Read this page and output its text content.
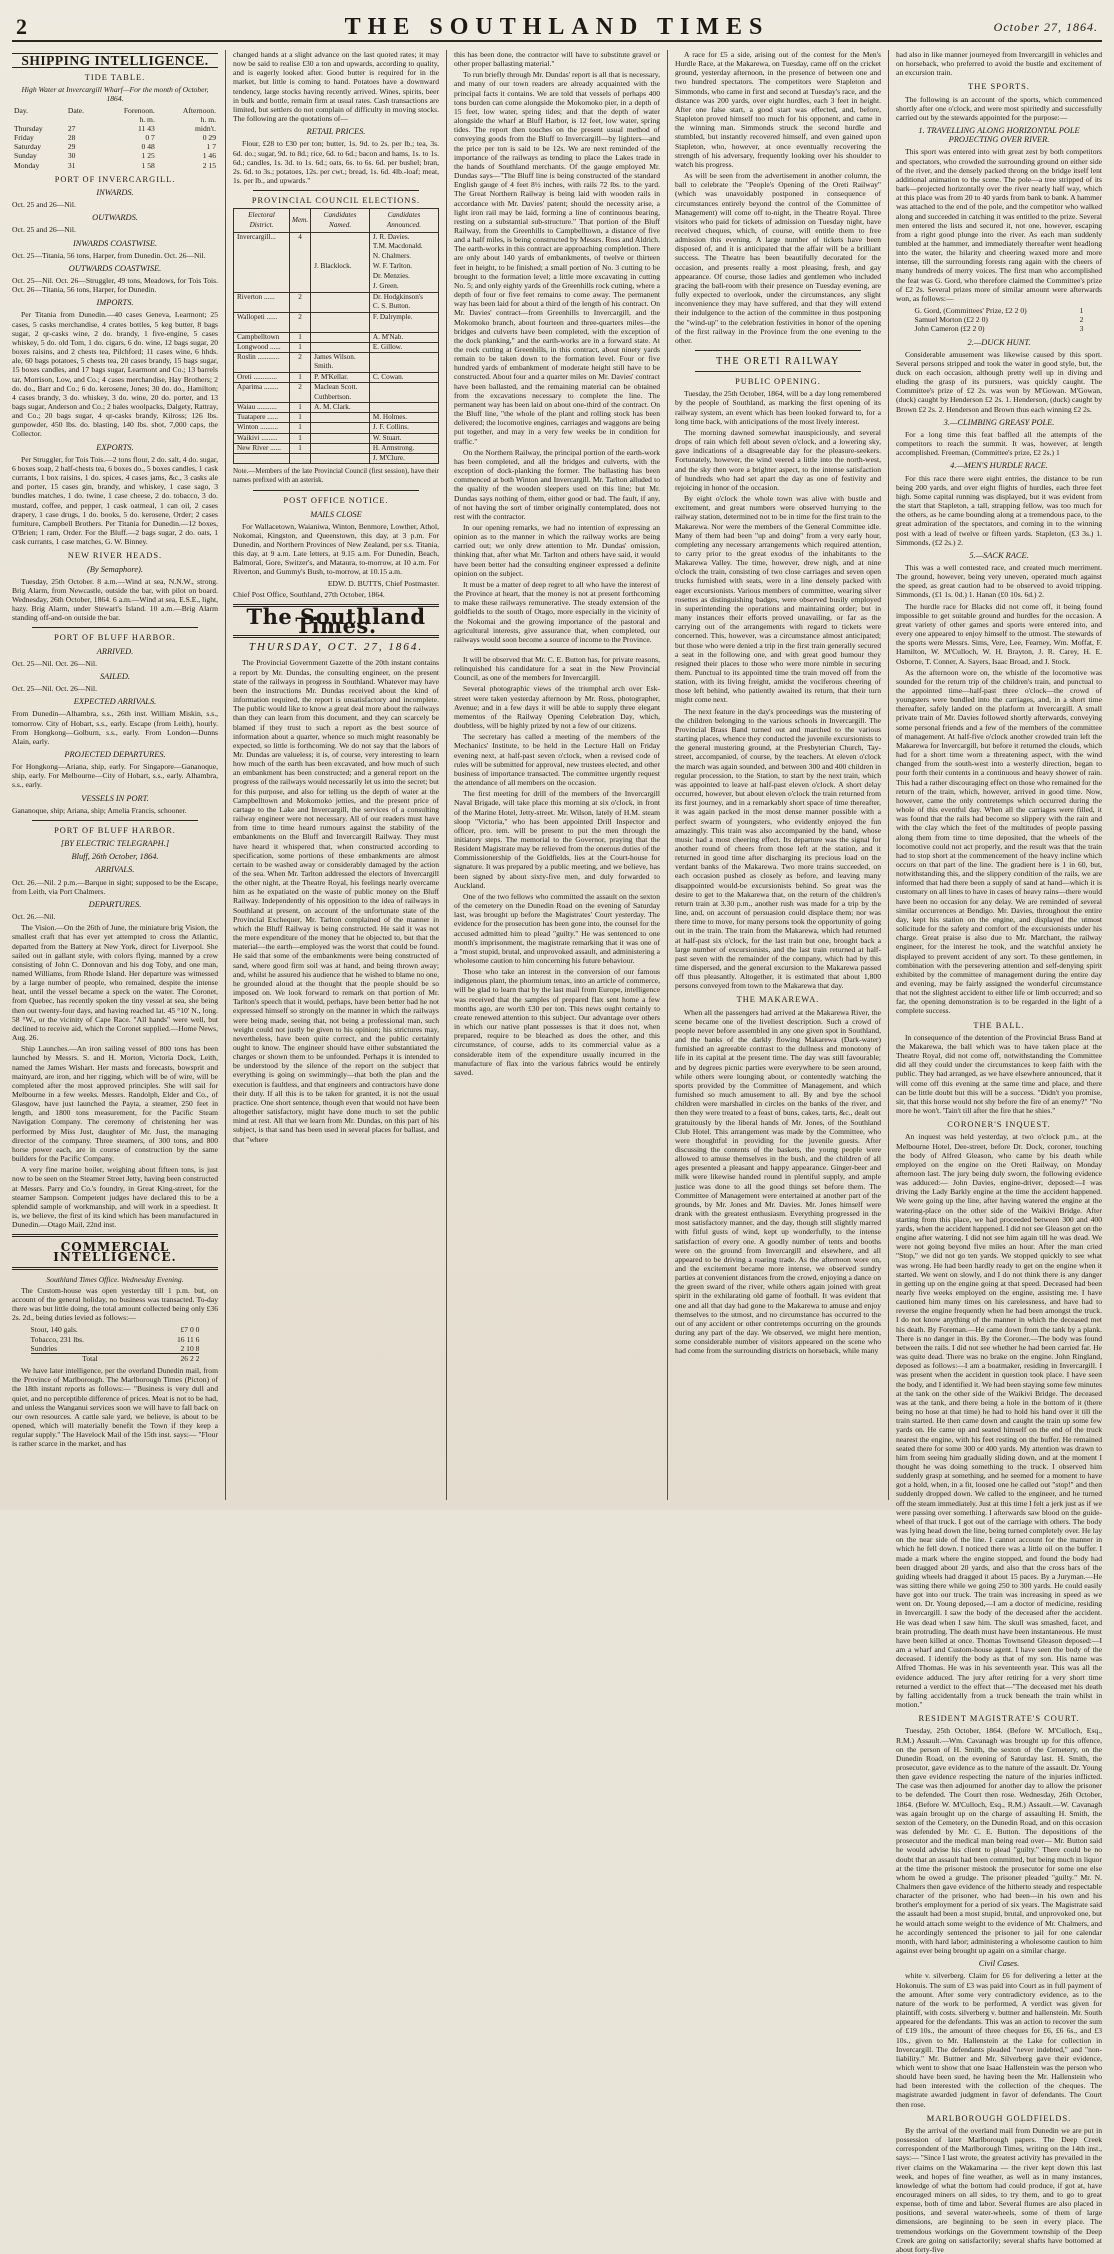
2	THE SOUTHLAND TIMES	October 27, 1864.
SHIPPING INTELLIGENCE.
TIDE TABLE.

High Water at Invercargill Wharf—For the month of October, 1864.

Day.	Date.	Forenoon.	Afternoon.
		h. m.	h. m.
Thursday	27	11 43	midn't.
Friday	28	0 7	0 29
Saturday	29	0 48	1 7
Sunday	30	1 25	1 46
Monday	31	1 58	2 15
PORT OF INVERCARGILL.
INWARDS.

Oct. 25 and 26—Nil.

OUTWARDS.

Oct. 25 and 26—Nil.

INWARDS COASTWISE.

Oct. 25—Titania, 56 tons, Harper, from Dunedin. Oct. 26—Nil.

OUTWARDS COASTWISE.

Oct. 25—Nil. Oct. 26—Struggler, 49 tons, Meadows, for Tois Tois. Oct. 26—Titania, 56 tons, Harper, for Dunedin.

IMPORTS.

Per Titania from Dunedin.—40 cases Geneva, Learmont; 25 cases, 5 casks merchandise, 4 crates bottles, 5 keg butter, 8 bags sugar, 2 qr-casks wine, 2 do. brandy, 1 five-engine, 5 cases whiskey, 5 do. old Tom, 1 do. cigars, 6 do. wine, 12 bags sugar, 20 boxes raisins, and 2 chests tea, Pilchford; 11 cases wine, 6 hhds. ale, 60 bags potatoes, 5 chests tea, 20 cases brandy, 15 bags sugar, 15 boxes candles, and 17 bags sugar, Learmont and Co.; 13 barrels tar, Morrison, Low, and Co.; 4 cases merchandise, Hay Brothers; 2 do. do., Barr and Co.; 6 do. kerosene, Jones; 30 do. do., Hamilton; 4 cases brandy, 3 do. whiskey, 3 do. wine, 20 do. porter, and 13 bags sugar, Anderson and Co.; 2 bales woolpacks, Dalgety, Rattray, and Co.; 20 bags sugar, 4 qr-casks brandy, Kilross; 126 lbs. gunpowder, 450 lbs. do. blasting, 140 lbs. shot, 7,000 caps, the Collector.

EXPORTS.

Per Struggler, for Tois Tois.—2 tons flour, 2 do. salt, 4 do. sugar, 6 boxes soap, 2 half-chests tea, 6 boxes do., 5 boxes candles, 1 cask currants, 1 box raisins, 1 do. spices, 4 cases jams, &c., 3 casks ale and porter, 15 cases gin, brandy, and whiskey, 1 case sago, 3 bundles matches, 1 do. twine, 1 case cheese, 2 do. tobacco, 3 do. mustard, coffee, and pepper, 1 cask oatmeal, 1 can oil, 2 cases drapery, 1 case drugs, 1 do. books, 5 do. kerosene, Order; 2 cases furniture, Campbell Brothers. Per Titania for Dunedin.—12 boxes, O'Brien; 1 ram, Order. For the Bluff.—2 bags sugar, 2 do. oats, 1 cask currants, 1 case matches, G. W. Binney.

NEW RIVER HEADS.
(By Semaphore).

Tuesday, 25th October. 8 a.m.—Wind at sea, N.N.W., strong. Brig Alarm, from Newcastle, outside the bar, with pilot on board. Wednesday, 26th October, 1864. 6 a.m.—Wind at sea, E.S.E., light, hazy. Brig Alarm, under Stewart's Island. 10 a.m.—Brig Alarm standing off-and-on outside the bar.

PORT OF BLUFF HARBOR.
ARRIVED.

Oct. 25—Nil. Oct. 26—Nil.

SAILED.

Oct. 25—Nil. Oct. 26—Nil.

EXPECTED ARRIVALS.

From Dunedin—Alhambra, s.s., 26th inst. William Miskin, s.s., tomorrow. City of Hobart, s.s., early. Escape (from Leith), hourly. From Hongkong—Golburn, s.s., early. From London—Dunns Alain, early.

PROJECTED DEPARTURES.

For Hongkong—Ariana, ship, early. For Singapore—Gananoque, ship, early. For Melbourne—City of Hobart, s.s., early. Alhambra, s.s., early.

VESSELS IN PORT.

Gananoque, ship; Ariana, ship; Amelia Francis, schooner.

PORT OF BLUFF HARBOR.
[BY ELECTRIC TELEGRAPH.]
Bluff, 26th October, 1864.
ARRIVALS.

Oct. 26.—Nil. 2 p.m.—Barque in sight; supposed to be the Escape, from Leith, via Port Chalmers.

DEPARTURES.

Oct. 26.—Nil.

The Vision.—On the 26th of June, the miniature brig Vision, the smallest craft that has ever yet attempted to cross the Atlantic, departed from the Battery at New York, direct for Liverpool. She sailed out in gallant style, with colors flying, manned by a crew consisting of John C. Donnovan and his dog Toby, and one man, named Williams, from Rhode Island. Her departure was witnessed by a large number of people, who remained, despite the intense heat, until the vessel became a speck on the water. The Coronet, from Quebec, has recently spoken the tiny vessel at sea, she being then out twenty-four days, and having reached lat. 45 °10' N., long. 58 °W., or the vicinity of Cape Race. "All hands" were well, but declined to receive aid, which the Coronet supplied.—Home News, Aug. 26.

Ship Launches.—An iron sailing vessel of 800 tons has been launched by Messrs. S. and H. Morton, Victoria Dock, Leith, named the James Wishart. Her masts and forecasts, bowsprit and mainyard, are iron, and her rigging, which will be of wire, will be completed after the most approved principles. She will sail for Melbourne in a few weeks. Messrs. Randolph, Elder and Co., of Glasgow, have just launched the Payta, a steamer, 250 feet in length, and 1800 tons measurement, for the Pacific Steam Navigation Company. The ceremony of christening her was performed by Miss Just, daughter of Mr. Just, the managing director of the company. Three steamers, of 300 tons, and 800 horse power each, are in course of construction by the same builders for the Pacific Company.

A very fine marine boiler, weighing about fifteen tons, is just now to be seen on the Steamer Street Jetty, having been constructed at Messrs. Parry and Co.'s foundry, in Great King-street, for the steamer Sampson. Competent judges have declared this to be a splendid sample of workmanship, and will work in a speediest. It is, we believe, the first of its kind which has been manufactured in Dunedin.—Otago Mail, 22nd inst.

COMMERCIAL INTELLIGENCE.

Southland Times Office. Wednesday Evening.

The Custom-house was open yesterday till 1 p.m. but, on account of the general holiday, no business was transacted. To-day there was but little doing, the total amount collected being only £36 2s. 2d., being duties levied as follows:—

Stout, 140 gals.	£7 0 0
Tobacco, 231 lbs.	16 11 6
Sundries	2 10 8
Total	26 2 2

We have later intelligence, per the overland Dunedin mail, from the Province of Marlborough. The Marlborough Times (Picton) of the 18th instant reports as follows:— "Business is very dull and quiet, and no perceptible difference of prices. Meat is not to be had, and unless the Wanganui services soon we will have to fall back on our own resources. A cattle sale yard, we believe, is about to be opened, which will materially benefit the Town if they keep a regular supply." The Havelock Mail of the 15th inst. says:— "Flour is rather scarce in the market, and has

changed hands at a slight advance on the last quoted rates; it may now be said to realise £30 a ton and upwards, according to quality, and is eagerly looked after. Good butter is required for in the market, but little is coming to hand. Potatoes have a downward tendency, large stocks having recently arrived. Wines, spirits, beer in bulk and bottle, remain firm at usual rates. Cash transactions are limited, but settlers do not complain of difficulty in moving stocks. The following are the quotations of—

RETAIL PRICES.

Flour, £28 to £30 per ton; butter, 1s. 9d. to 2s. per lb.; tea, 3s. 6d. do.; sugar, 9d. to 8d.; rice, 6d. to 6d.; bacon and hams, 1s. to 1s. 6d.; candles, 1s. 3d. to 1s. 6d.; oats, 6s. to 6s. 6d. per bushel; bran, 2s. 6d. to 3s.; potatoes, 12s. per cwt.; bread, 1s. 6d. 4lb.-loaf; meat, 1s. per lb., and upwards."

PROVINCIAL COUNCIL ELECTIONS.
Electoral District.	Mem.	Candidates Named.	Candidates Announced.
Invercargill...	4		J. R. Davies.
			T.M. Macdonald.
			N. Chalmers.
		J. Blacklock.	W. F. Tarlton.
			Dr. Menzies.
			J. Green.
Riverton ......	2		Dr. Hodgkinson's
			C. S. Button.
Wallopeti ......	2		F. Dalrymple.

Campbelltown	1		A. M'Nab.
Longwood ......	1		E. Gillow.
Roslin ............	2	James Wilson.	
		Smith.	
Oreti .............	1	P. M'Kellar.	C. Cowan.
Aparima ........	2	Maclean Scott.	
		Cuthbertson.	
Waiau ...........	1	A. M. Clark.	
Tuatapere ......	1		M. Holmes.
Winton ..........	1		J. F. Collins.
Waikivi .........	1		W. Stuart.
New River ......	1		H. Armstrong.
			J. M'Clure.

Note.—Members of the late Provincial Council (first session), have their names prefixed with an asterisk.

POST OFFICE NOTICE.
MAILS CLOSE

For Wallacetown, Waianiwa, Winton, Benmore, Lowther, Athol, Nokomai, Kingston, and Queenstown, this day, at 3 p.m. For Dunedin, and Northern Provinces of New Zealand, per s.s. Titania, this day, at 9 a.m. Late letters, at 9.15 a.m. For Dunedin, Beach, Balmoral, Gore, Switzer's, and Mataura, to-morrow, at 10 a.m. For Riverton, and Gummy's Bush, to-morrow, at 10.15 a.m.

EDW. D. BUTTS, Chief Postmaster.

Chief Post Office, Southland, 27th October, 1864.

The Southland Times.
THURSDAY, OCT. 27, 1864.

The Provincial Government Gazette of the 20th instant contains a report by Mr. Dundas, the consulting engineer, on the present state of the railways in progress in Southland. Whatever may have been the instructions Mr. Dundas received about the kind of information required, the report is unsatisfactory and incomplete. The public would like to know a great deal more about the railways than they can learn from this document, and they can scarcely be blamed if they trust to such a report as the best source of information about a quarter, whence so much might reasonably be expected, so little is forthcoming. We do not say that the labors of Mr. Dundas are valueless; it is, of course, very interesting to learn how much of the earth has been excavated, and how much of such an embankment has been constructed; and a general report on the progress of the railways would necessarily let us into the secret; but for this purpose, and also for telling us the depth of water at the Campbelltown and Mokomoko jetties, and the present price of cartage to the Lake and Invercargill, the services of a consulting railway engineer were not necessary. All of our readers must have from time to time heard rumours against the stability of the embankments on the Bluff and Invercargill Railway. They must have heard it whispered that, when constructed according to specification, some portions of these embankments are almost certain to be washed away or considerably damaged by the action of the sea. When Mr. Tarlton addressed the electors of Invercargill the other night, at the Theatre Royal, his feelings nearly overcame him as he expatiated on the waste of public money on the Bluff Railway. Independently of his opposition to the idea of railways in Southland at present, on account of the unfortunate state of the Provincial Exchequer, Mr. Tarlton complained of the manner in which the Bluff Railway is being constructed. He said it was not the mere expenditure of the money that he objected to, but that the material—the earth—employed was the worst that could be found. He said that some of the embankments were being constructed of sand, where good firm soil was at hand, and being thrown away; and, whilst he assured his audience that he wished to blame no one, he grounded aloud at the thought that the people should be so imposed on. We look forward to remark on that portion of Mr. Tarlton's speech that it would, perhaps, have been better had he not expressed himself so strongly on the manner in which the railways were being made, seeing that, not being a professional man, such weight could not justly be given to his opinion; his strictures may, nevertheless, have been quite correct, and the public certainly ought to know. The engineer should have either substantiated the charges or shown them to be unfounded. Perhaps it is intended to be understood by the silence of the report on the subject that everything is going on swimmingly—that both the plan and the execution is faultless, and that engineers and contractors have done their duty. If all this is to be taken for granted, it is not the usual practice. One short sentence, though even that would not have been altogether satisfactory, might have done much to set the public mind at rest. All that we learn from Mr. Dundas, on this part of his subject, is that sand has been used in several places for ballast, and that "where

this has been done, the contractor will have to substitute gravel or other proper ballasting material."

To run briefly through Mr. Dundas' report is all that is necessary, and many of our town readers are already acquainted with the principal facts it contains. We are told that vessels of perhaps 400 tons burden can come alongside the Mokomoko pier, in a depth of 15 feet, low water, spring tides; and that the depth of water alongside the wharf at Bluff Harbor, is 12 feet, low water, spring tides. The report then touches on the present usual method of conveying goods from the Bluff to Invercargill—by lighters—and the price per ton is said to be 12s. We are next reminded of the importance of the railways as tending to place the Lakes trade in the hands of Southland merchants. Of the gauge employed Mr. Dundas says—"The Bluff line is being constructed of the standard English gauge of 4 feet 8½ inches, with rails 72 lbs. to the yard. The Great Northern Railway is being laid with wooden rails in accordance with Mr. Davies' patent; should the necessity arise, a light iron rail may be laid, forming a line of continuous bearing, resting on a substantial sub-structure." That portion of the Bluff Railway, from the Greenhills to Campbelltown, a distance of five and a half miles, is being constructed by Messrs. Ross and Aldrich. The earth-works in this contract are approaching completion. There are only about 140 yards of embankments, of twelve or thirteen feet in height, to be finished; a small portion of No. 3 cutting to be brought to the formation level; a little more excavating in cutting No. 5; and only eighty yards of the Greenhills rock cutting, where a depth of four or five feet remains to come away. The permanent way has been laid for about a third of the length of his contract. On Mr. Davies' contract—from Greenhills to Invercargill, and the Mokomoko branch, about fourteen and three-quarters miles—the bridges and culverts have been completed, with the exception of the dock planking," and the earth-works are in a forward state. At the rock cutting at Greenhills, in this contract, about ninety yards remain to be taken down to the formation level. Four or five hundred yards of embankment of moderate height still have to be constructed. About four and a quarter miles on Mr. Davies' contract have been ballasted, and the remaining material can be obtained from the excavations necessary to complete the line. The permanent way has been laid on about one-third of the contract. On the Bluff line, "the whole of the plant and rolling stock has been delivered; the locomotive engines, carriages and waggons are being put together, and may in a very few weeks be in condition for traffic."

On the Northern Railway, the principal portion of the earth-work has been completed, and all the bridges and culverts, with the exception of dock-planking the former. The ballasting has been commenced at both Winton and Invercargill. Mr. Tarlton alluded to the quality of the wooden sleepers used on this line; but Mr. Dundas says nothing of them, either good or bad. The fault, if any, of not having the sort of timber originally contemplated, does not rest with the contractor.

In our opening remarks, we had no intention of expressing an opinion as to the manner in which the railway works are being carried out; we only drew attention to Mr. Dundas' omission, thinking that, after what Mr. Tarlton and others have said, it would have been better had the consulting engineer expressed a definite opinion on the subject.

It must be a matter of deep regret to all who have the interest of the Province at heart, that the money is not at present forthcoming to make these railways remunerative. The steady extension of the goldfields to the south of Otago, more especially in the vicinity of the Nokomai and the growing importance of the pastoral and agricultural interests, give assurance that, when completed, our railways would soon become a source of income to the Province.

It will be observed that Mr. C. E. Button has, for private reasons, relinquished his candidature for a seat in the New Provincial Council, as one of the members for Invercargill.

Several photographic views of the triumphal arch over Esk-street were taken yesterday afternoon by Mr. Ross, photographer, Avenue; and in a few days it will be able to supply three elegant mementos of the Railway Opening Celebration Day, which, doubtless, will be highly prized by not a few of our citizens.

The secretary has called a meeting of the members of the Mechanics' Institute, to be held in the Lecture Hall on Friday evening next, at half-past seven o'clock, when a revised code of rules will be submitted for approval, new trustees elected, and other business of importance transacted. The committee urgently request the attendance of all members on the occasion.

The first meeting for drill of the members of the Invercargill Naval Brigade, will take place this morning at six o'clock, in front of the Marine Hotel, Jetty-street. Mr. Wilson, lately of H.M. steam sloop "Victoria," who has been appointed Drill Inspector and officer, pro. tem. will be present to put the men through the initiatory steps. The memorial to the Governor, praying that the Resident Magistrate may be relieved from the onerous duties of the Commissionership of the Goldfields, lies at the Court-house for signature. It was prepared by a public meeting, and we believe, has been signed by about sixty-five men, and duly forwarded to Auckland.

One of the two fellows who committed the assault on the sexton of the cemetery on the Dunedin Road on the evening of Saturday last, was brought up before the Magistrates' Court yesterday. The evidence for the prosecution has been gone into, the counsel for the accused admitted him to plead "guilty." He was sentenced to one month's imprisonment, the magistrate remarking that it was one of a "most stupid, brutal, and unprovoked assault, and administering a wholesome caution to him concerning his future behaviour.

Those who take an interest in the conversion of our famous indigenous plant, the phormium tenax, into an article of commerce, will be glad to learn that by the last mail from Europe, intelligence was received that the samples of prepared flax sent home a few months ago, are worth £30 per ton. This news ought certainly to create renewed attention to this subject. Our advantage over others in which our native plant possesses is that it does not, when prepared, require to be bleached as does the other, and this circumstance, of course, adds to its commercial value as a considerable item of the expenditure usually incurred in the manufacture of flax into the various fabrics would be entirely saved.

A race for £5 a side, arising out of the contest for the Men's Hurdle Race, at the Makarewa, on Tuesday, came off on the cricket ground, yesterday afternoon, in the presence of between one and two hundred spectators. The competitors were Stapleton and Simmonds, who came in first and second at Tuesday's race, and the distance was 200 yards, over eight hurdles, each 3 feet in height. After one false start, a good start was effected, and, before, Stapleton proved himself too much for his opponent, and came in the winning man. Simmonds struck the second hurdle and stumbled, but instantly recovered himself, and even gained upon Stapleton, who, however, at once eventually recovering the strength of his adversary, frequently looking over his shoulder to watch his progress.

As will be seen from the advertisement in another column, the ball to celebrate the "People's Opening of the Oreti Railway" (which was unavoidably postponed in consequence of circumstances entirely beyond the control of the Committee of Management) will come off to-night, in the Theatre Royal. Three visitors who paid for tickets of admission on Tuesday night, have received cheques, which, of course, will entitle them to free admission this evening. A large number of tickets have been disposed of, and it is anticipated that the affair will be a brilliant success. The Theatre has been beautifully decorated for the occasion, and presents really a most pleasing, fresh, and gay appearance. Of course, those ladies and gentlemen who included gracing the ball-room with their presence on Tuesday evening, are fully expected to overlook, under the circumstances, any slight inconvenience they may have suffered, and that they will extend their indulgence to the action of the committee in thus postponing the "wind-up" to the celebration festivities in honor of the opening of the first railway in the Province from the one evening to the other.

THE ORETI RAILWAY
PUBLIC OPENING.

Tuesday, the 25th October, 1864, will be a day long remembered by the people of Southland, as marking the first opening of its railway system, an event which has been looked forward to, for a long time back, with anticipations of the most lively interest.

The morning dawned somewhat inauspiciously, and several drops of rain which fell about seven o'clock, and a lowering sky, gave indications of a disagreeable day for the pleasure-seekers. Fortunately, however, the wind veered a little into the north-west, and the sky then wore a brighter aspect, to the intense satisfaction of hundreds who had set apart the day as one of festivity and rejoicing in honor of the occasion.

By eight o'clock the whole town was alive with bustle and excitement, and great numbers were observed hurrying to the railway station, determined not to be in time for the first train to the Makarewa. Nor were the members of the General Committee idle. Many of them had been "up and doing" from a very early hour, completing any necessary arrangements which required attention, to carry prior to the great exodus of the inhabitants to the Makarewa Valley. The time, however, drew nigh, and at nine o'clock the train, consisting of two close carriages and seven open trucks furnished with seats, were in a line densely packed with eager excursionists. Various members of committee, wearing silver rosettes as distinguishing badges, were observed busily employed in superintending the operations and maintaining order; but in many instances their efforts proved unavailing, or far as the carrying out of the arrangements with regard to tickets were concerned. This, however, was a circumstance almost anticipated; but those who were denied a trip in the first train generally secured a seat in the following one, and with great good humour they resigned their places to those who were more nimble in securing them. Punctual to its appointed time the train moved off from the station, with its living freight, amidst the vociferous cheering of those left behind, who patiently awaited its return, that their turn might come next.

The next feature in the day's proceedings was the mustering of the children belonging to the various schools in Invercargill. The Provincial Brass Band turned out and marched to the various starting places, whence they conducted the juvenile excursionists to the general mustering ground, at the Presbyterian Church, Tay-street, accompanied, of course, by the teachers. At eleven o'clock the march was again sounded, and between 300 and 400 children in regular procession, to the Station, to start by the next train, which was appointed to leave at half-past eleven o'clock. A short delay occurred, however, but about eleven o'clock the train returned from its first journey, and in a remarkably short space of time thereafter, it was again packed in the most dense manner possible with a perfect swarm of youngsters, who evidently enjoyed the fun amazingly. This train was also accompanied by the band, whose music had a most cheering effect. Its departure was the signal for another round of cheers from those left at the station, and it returned in good time after discharging its precious load on the verdant banks of the Makarewa. Two more trains succeeded, on each occasion pushed as closely as before, and leaving many disappointed would-be excursionists behind. So great was the desire to get to the Makarewa that, on the return of the children's return train at 3.30 p.m., another rush was made for a trip by the line, and, on account of persuasion could displace them; nor was there time to move, for many persons took the opportunity of going out in the train. The train from the Makarewa, which had returned at half-past six o'clock, for the last train but one, brought back a large number of excursionists, and the last train returned at half-past seven with the remainder of the company, which had by this time dispersed, and the general excursion to the Makarewa passed off thus pleasantly. Altogether, it is estimated that about 1,800 persons conveyed from town to the Makarewa that day.

THE MAKAREWA.

When all the passengers had arrived at the Makarewa River, the scene became one of the liveliest description. Such a crowd of people never before assembled in any one given spot in Southland, and the banks of the darkly flowing Makarewa (Dark-water) furnished an agreeable contrast to the dullness and monotony of life in its capital at the present time. The day was still favourable; and by degrees picnic parties were everywhere to be seen around, while others were lounging about, or contentedly watching the sports provided by the Committee of Management, and which furnished so much amusement to all. By and bye the school children were marshalled in circles on the banks of the river, and then they were treated to a feast of buns, cakes, tarts, &c., dealt out gratuitously by the liberal hands of Mr. Jones, of the Southland Club Hotel. This arrangement was made by the Committee, who were thoughtful in providing for the juvenile guests. After discussing the contents of the baskets, the young people were allowed to amuse themselves in the bush, and the children of all ages presented a pleasant and happy appearance. Ginger-beer and milk were likewise handed round in plentiful supply, and ample justice was done to all the good things set before them. The Committee of Management were entertained at another part of the grounds, by Mr. Jones and Mr. Davies. Mr. Jones himself were drank with the greatest enthusiasm. Everything progressed in the most satisfactory manner, and the day, though still slightly marred with fitful gusts of wind, kept up wonderfully, to the intense satisfaction of every one. A goodly number of tents and booths were on the ground from Invercargill and elsewhere, and all appeared to be driving a roaring trade. As the afternoon wore on, and the excitement became more intense, we observed sundry parties at convenient distances from the crowd, enjoying a dance on the green sward of the river, while others again joined with great spirit in the exhilarating old game of football. It was evident that one and all that day had gone to the Makarewa to amuse and enjoy themselves to the utmost, and no circumstance has occurred to the out of any accident or other contretemps occurring on the grounds during any part of the day. We observed, we might here mention, some considerable number of visitors appeared on the scene who had come from the surrounding districts on horseback, while many

had also in like manner journeyed from Invercargill in vehicles and on horseback, who preferred to avoid the bustle and excitement of an excursion train.

THE SPORTS.

The following is an account of the sports, which commenced shortly after one o'clock, and were most spiritedly and successfully carried out by the stewards appointed for the purpose:—

1. TRAVELLING ALONG HORIZONTAL POLE PROJECTING OVER RIVER.

This sport was entered into with great zest by both competitors and spectators, who crowded the surrounding ground on either side of the river, and the densely packed throng on the bridge itself lent additional animation to the scene. The pole—a tree stripped of its bark—projected horizontally over the river nearly half way, which at this place was from 20 to 40 yards from bank to bank. A hammer was attached to the end of the pole, and the competitor who walked along and succeeded in catching it was entitled to the prize. Several men entered the lists and secured it, not one, however, escaping from a right good plunge into the river. As each man suddenly tumbled at the hammer, and immediately thereafter went headlong into the water, the hilarity and cheering waxed more and more intense, till the surrounding forests rang again with the cheers of many hundreds of merry voices. The first man who accomplished the feat was G. Gord, who therefore claimed the Committee's prize of £2 2s. Several prizes more of similar amount were afterwards won, as follows:—

G. Gord, (Committees' Prize, £2 2 0)	1
Samuel Morton (£2 2 0)	2
John Cameron (£2 2 0)	3
2.—DUCK HUNT.

Considerable amusement was likewise caused by this sport. Several persons stripped and took the water in good style, but, the duck on each occasion, although pretty well up in diving and eluding the grasp of its pursuers, was quickly caught. The Committee's prize of £2 2s. was won by M'Gowan. M'Gowan, (duck) caught by Henderson £2 2s. 1. Henderson, (duck) caught by Brown £2 2s. 2. Henderson and Brown thus each winning £2 2s.

3.—CLIMBING GREASY POLE.

For a long time this feat baffled all the attempts of the competitors to reach the summit. It was, however, at length accomplished. Freeman, (Committee's prize, £2 2s.) 1

4.—MEN'S HURDLE RACE.

For this race there were eight entries, the distance to be run being 200 yards, and over eight flights of hurdles, each three feet high. Some capital running was displayed, but it was evident from the start that Stapleton, a tall, strapping fellow, was too much for the others, as he came bounding along at a tremendous pace, to the great admiration of the spectators, and coming in to the winning post with a lead of twelve or fifteen yards. Stapleton, (£3 3s.) 1. Simmonds, (£2 2s.) 2.

5.—SACK RACE.

This was a well contested race, and created much merriment. The ground, however, being very uneven, operated much against the speed, as great caution had to be observed to avoid tripping. Simmonds, (£1 1s. 0d.) 1. Hanan (£0 10s. 6d.) 2.

The hurdle race for Blacks did not come off, it being found impossible to get suitable ground and hurdles for the occasion. A great variety of other games and sports were entered into, and every one appeared to enjoy himself to the utmost. The stewards of the sports were Messrs. Sims, Vere, Lee, Fearney, Wm. Moffat, F. Hamilton, W. M'Culloch, W. H. Brayton, J. R. Carey, H. E. Osborne, T. Conner, A. Sayers, Isaac Broad, and J. Stock.

As the afternoon wore on, the whistle of the locomotive was sounded for the return trip of the children's train, and punctual to the appointed time—half-past three o'clock—the crowd of youngsters were bundled into the carriages, and, in a short time thereafter, safely landed on the platform at Invercargill. A small private train of Mr. Davies followed shortly afterwards, conveying some personal friends and a few of the members of the committee of management. At half-five o'clock another crowded train left the Makarewa for Invercargill, but before it returned the clouds, which had for a short time worn a threatening aspect, with the wind changed from the south-west into a westerly direction, began to pour forth their contents in a continuous and heavy shower of rain. This had a rather discouraging effect on those who remained for the return of the train, which, however, arrived in good time. Now, however, came the only contretemps which occurred during the whole of this eventful day. When all the carriages were filled, it was found that the rails had become so slippery with the rain and with the clay which the feet of the multitudes of people passing along them from time to time deposited, that the wheels of the locomotive could not act properly, and the result was that the train had to stop short at the commencement of the heavy incline which occurs on that part of the line. The gradient here is 1 in 60, but, notwithstanding this, and the slippery condition of the rails, we are informed that had there been a supply of sand at hand—which it is customary on all lines to have in cases of heavy rains—there would have been no occasion for any delay. We are reminded of several similar occurrences at Bendigo. Mr. Davies, throughout the entire day, kept his station on the engine, and displayed the utmost solicitude for the safety and comfort of the excursionists under his charge. Great praise is also due to Mr. Marchant, the railway engineer, for the interest he took, and the watchful anxiety he displayed to prevent accident of any sort. To these gentlemen, in combination with the persevering attention and self-denying spirit exhibited by the committee of management during the entire day and evening, may be fairly assigned the wonderful circumstance that not the slightest accident to either life or limb occurred; and so far, the opening demonstration is to be regarded in the light of a complete success.

THE BALL.

In consequence of the detention of the Provincial Brass Band at the Makarewa, the ball which was to have taken place at the Theatre Royal, did not come off, notwithstanding the Committee did all they could under the circumstances to keep faith with the public. They had arranged, as we have elsewhere announced, that it will come off this evening at the same time and place, and there can be little doubt but this will be a success. "Didn't you promise, sir, that this horse would not shy before the fire of an enemy?" "No more he won't. 'Tain't till after the fire that he shies."

CORONER'S INQUEST.

An inquest was held yesterday, at two o'clock p.m., at the Melbourne Hotel, Dee-street, before Dr. Dock, coroner, touching the body of Alfred Gleason, who came by his death while employed on the engine on the Oreti Railway, on Monday afternoon last. The jury being duly sworn, the following evidence was adduced:— John Davies, engine-driver, deposed:—I was driving the Lady Barkly engine at the time the accident happened. We were going up the line, after having watered the engine at the watering-place on the other side of the Waikivi Bridge. After starting from this place, we had proceeded between 300 and 400 yards, when the accident happened. I did not see Gleason get on the engine after watering. I did not see him again till he was dead. We were not going beyond five miles an hour. After the man cried "Stop," we did not go ten yards. We stopped quickly to see what was wrong. He had been hardly ready to get on the engine when it started. We went on slowly, and I do not think there is any danger in getting up on the engine going at that speed. Deceased had been nearly five weeks employed on the engine, assisting me. I have cautioned him many times on his carelessness, and have had to reverse the engine frequently when he had been amongst the truck. I do not know anything of the manner in which the deceased met his death. By Foreman.—He came down from the tank by a plank. There is no danger in this. By the Coroner.—The body was found between the rails. I did not see whether he had been carried far. He was quite dead. There was no brake on the engine. John Ringland, deposed as follows:—I am a boatmaker, residing in Invercargill. I was present when the accident in question took place. I have seen the body, and I identified it. We had been staying some few minutes at the tank on the other side of the Waikivi Bridge. The deceased was at the tank, and there being a hole in the bottom of it (there being no hose at that time) he had to hold his hand over it till the train started. He then came down and caught the train up some few yards on. He came up and seated himself on the end of the truck nearest the engine, with his feet resting on the buffer. He remained seated there for some 300 or 400 yards. My attention was drawn to him from seeing him gradually sliding down, and at the moment I thought he was doing something to the truck. I observed him suddenly grasp at something, and he seemed for a moment to have got a hold, when, in a fit, loosed one he called out "stop!" and then suddenly dropped down. We called to the engineer, and he turned off the steam immediately. Just at this time I felt a jerk just as if we were passing over something. I afterwards saw blood on the guide-wheel of that truck. I got out of the carriage with others. The body was lying head down the line, being turned completely over. He lay on the near side of the line. I cannot account for the manner in which he fell down. I noticed there was a little oil on the buffer. I made a mark where the engine stopped, and found the body had been dragged about 20 yards, and also that the cross bars of the guiding wheels had dragged it about 15 paces. By a Juryman.—He was sitting there while we going 250 to 300 yards. He could easily have got into our truck. The train was increasing in speed as we went on. Dr. Young deposed,—I am a doctor of medicine, residing in Invercargill. I saw the body of the deceased after the accident. He was dead when I saw him. The skull was smashed, facet, and brain protruding. The death must have been instantaneous. He must have been killed at once. Thomas Townsend Gleason deposed:—I am a wharf and Custom-house agent. I have seen the body of the deceased. I identify the body as that of my son. His name was Alfred Thomas. He was in his seventeenth year. This was all the evidence adduced. The jury after retiring for a very short time returned a verdict to the effect that—"The deceased met his death by falling accidentally from a truck beneath the train whilst in motion."

RESIDENT MAGISTRATE'S COURT.

Tuesday, 25th October, 1864. (Before W. M'Culloch, Esq., R.M.) Assault.—Wm. Cavanagh was brought up for this offence, on the person of H. Smith, the sexton of the Cemetery, on the Dunedin Road, on the evening of Saturday last. H. Smith, the prosecutor, gave evidence as to the nature of the assault. Dr. Young then gave evidence respecting the nature of the injuries inflicted. The case was then adjourned for another day to allow the prisoner to be defended. The Court then rose. Wednesday, 26th October, 1864. (Before W. M'Culloch, Esq., R.M.) Assault.—W. Cavanagh was again brought up on the charge of assaulting H. Smith, the sexton of the Cemetery, on the Dunedin Road, and on this occasion was defended by Mr. C. E. Button. The depositions of the prosecutor and the medical man being read over— Mr. Button said he would advise his client to plead "guilty." There could be no doubt that an assault had been committed, but being much in liquor at the time the prisoner mistook the prosecutor for some one else whom he owed a grudge. The prisoner pleaded "guilty." Mr. N. Chalmers then gave evidence of the hitherto steady and respectable character of the prisoner, who had been—in his own and his brother's employment for a period of six years. The Magistrate said the assault had been a most stupid, brutal, and unprovoked one, but he would attach some weight to the evidence of Mr. Chalmers, and he accordingly sentenced the prisoner to jail for one calendar month, with hard labor; administering a wholesome caution to him against ever being brought up again on a similar charge.

Civil Cases.

white v. silverberg. Claim for £6 for delivering a letter at the Hokonuis. The sum of £3 was paid into Court as in full payment of the amount. After some very contradictory evidence, as to the nature of the work to be performed, A verdict was given for plaintiff, with costs. silverberg v. buttner and hallenstein. Mr. South appeared for the defendants. This was an action to recover the sum of £19 10s., the amount of three cheques for £6, £6 6s., and £3 10s., given to Mr. Hallenstein at the Lake for collection in Invercargill. The defendants pleaded "never indebted," and "non-liability." Mr. Buttner and Mr. Silverberg gave their evidence, which went to show that one Isaac Hallenstein was the person who should have been sued, he having been the Mr. Hallenstein who had been interested with the collection of the cheques. The magistrate awarded judgment in favor of defendants. The Court then rose.

MARLBOROUGH GOLDFIELDS.

By the arrival of the overland mail from Dunedin we are put in possession of later Marlborough papers. The Deep Creek correspondent of the Marlborough Times, writing on the 14th inst., says:— "Since I last wrote, the greatest activity has prevailed in the river claims on the Wakamarina — the river kept down this last week, and hopes of fine weather, as well as in many instances, knowledge of what the bottom had could produce, if got at, have encouraged miners on all sides, to try them, and to go to great expense, both of time and labor. Several flumes are also placed in positions, and several water-wheels, some of them of large dimensions, are beginning to be seen in every place. The tremendous workings on the Government township of the Deep Creek are going on satisfactorily; several shafts have bottomed at about forty-five
